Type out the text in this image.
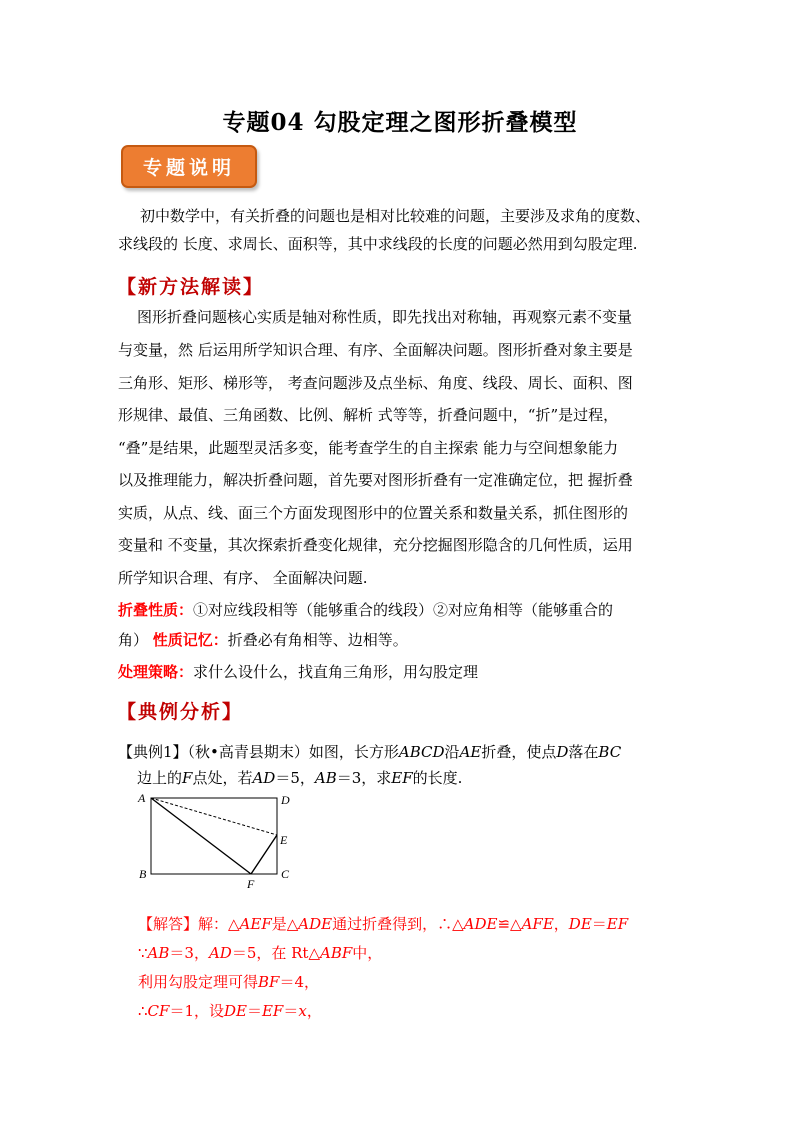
专题04 勾股定理之图形折叠模型
专题说明
初中数学中，有关折叠的问题也是相对比较难的问题，主要涉及求角的度数、
求线段的 长度、求周长、面积等，其中求线段的长度的问题必然用到勾股定理.
【新方法解读】
图形折叠问题核心实质是轴对称性质，即先找出对称轴，再观察元素不变量
与变量，然 后运用所学知识合理、有序、全面解决问题。图形折叠对象主要是
三角形、矩形、梯形等， 考查问题涉及点坐标、角度、线段、周长、面积、图
形规律、最值、三角函数、比例、解析 式等等，折叠问题中，“折”是过程，
“叠”是结果，此题型灵活多变，能考查学生的自主探索 能力与空间想象能力
以及推理能力，解决折叠问题，首先要对图形折叠有一定准确定位，把 握折叠
实质，从点、线、面三个方面发现图形中的位置关系和数量关系，抓住图形的
变量和 不变量，其次探索折叠变化规律，充分挖掘图形隐含的几何性质，运用
所学知识合理、有序、 全面解决问题.
折叠性质：①对应线段相等（能够重合的线段）②对应角相等（能够重合的
角） 性质记忆：折叠必有角相等、边相等。
处理策略：求什么设什么，找直角三角形，用勾股定理
【典例分析】
【典例1】（秋•高青县期末）如图，长方形ABCD沿AE折叠，使点D落在BC
边上的F点处，若AD＝5，AB＝3，求EF的长度.
A	D
E
B
F
C
【解答】解：△AEF是△ADE通过折叠得到，∴△ADE≌△AFE，DE＝EF
∵AB＝3，AD＝5，在 Rt△ABF中，
利用勾股定理可得BF＝4，
∴CF＝1，设DE＝EF＝x，
